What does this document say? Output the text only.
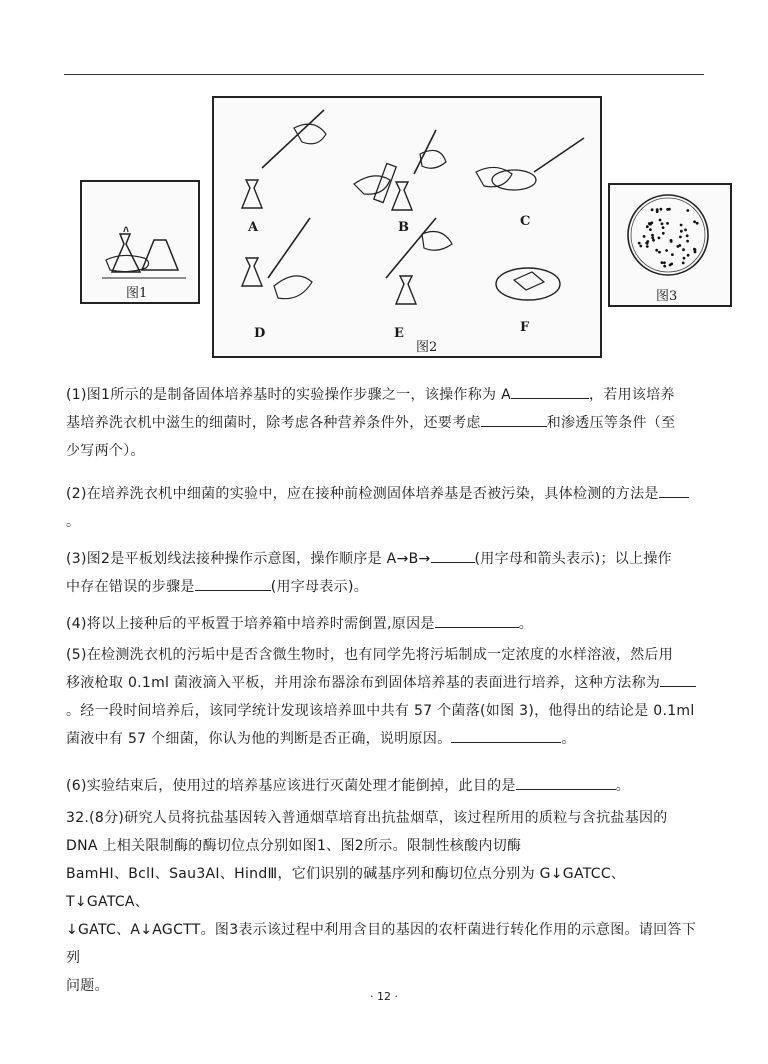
图1
A	B	C
D	E	F
图2
图3
(1)图1所示的是制备固体培养基时的实验操作步骤之一，该操作称为 A	，若用该培养
基培养洗衣机中滋生的细菌时，除考虑各种营养条件外，还要考虑	和渗透压等条件（至
少写两个）。
(2)在培养洗衣机中细菌的实验中，应在接种前检测固体培养基是否被污染，具体检测的方法是
。
(3)图2是平板划线法接种操作示意图，操作顺序是 A→B→	(用字母和箭头表示)；以上操作
中存在错误的步骤是	(用字母表示)。
(4)将以上接种后的平板置于培养箱中培养时需倒置,原因是	。
(5)在检测洗衣机的污垢中是否含微生物时，也有同学先将污垢制成一定浓度的水样溶液，然后用
移液枪取 0.1ml 菌液滴入平板，并用涂布器涂布到固体培养基的表面进行培养，这种方法称为
。经一段时间培养后，该同学统计发现该培养皿中共有 57 个菌落(如图 3)，他得出的结论是 0.1ml
菌液中有 57 个细菌，你认为他的判断是否正确，说明原因。	。
(6)实验结束后，使用过的培养基应该进行灭菌处理才能倒掉，此目的是	。
32.(8分)研究人员将抗盐基因转入普通烟草培育出抗盐烟草，该过程所用的质粒与含抗盐基因的
DNA 上相关限制酶的酶切位点分别如图1、图2所示。限制性核酸内切酶
BamHI、BclⅠ、Sau3AⅠ、HindⅢ，它们识别的碱基序列和酶切位点分别为 G↓GATCC、T↓GATCA、
↓GATC、A↓AGCTT。图3表示该过程中利用含目的基因的农杆菌进行转化作用的示意图。请回答下列
问题。
· 12 ·
